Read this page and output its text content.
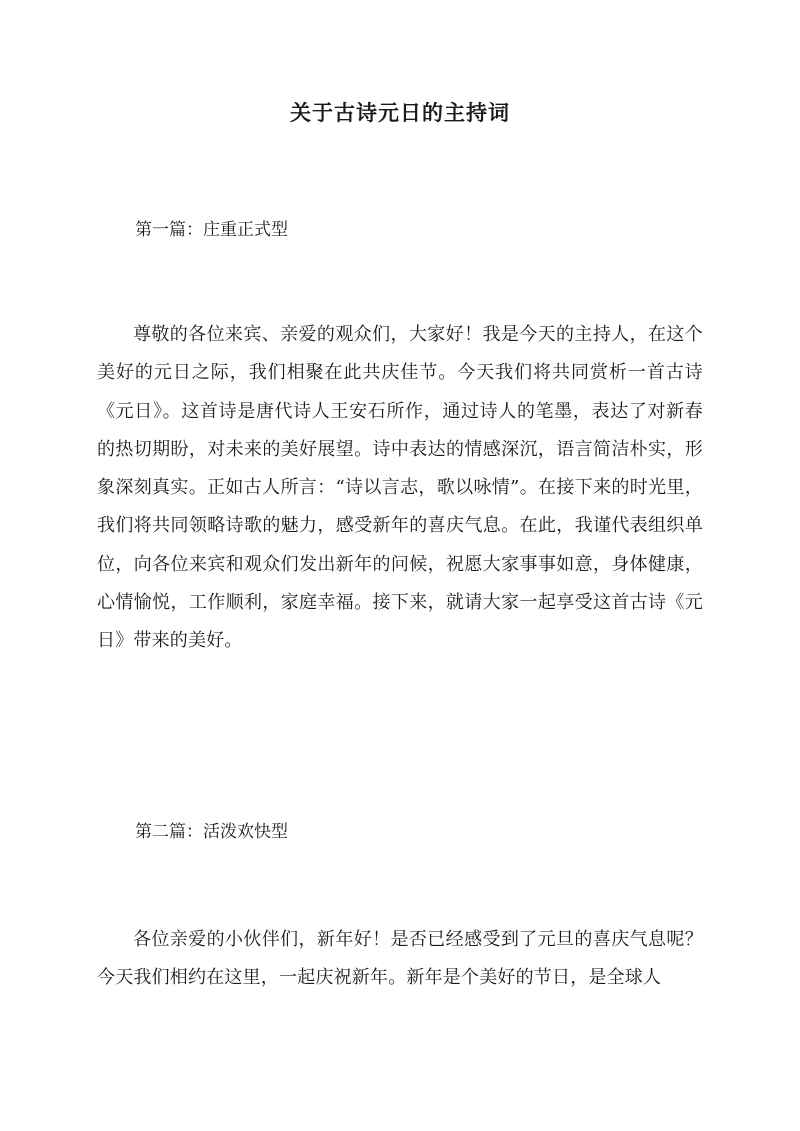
关于古诗元日的主持词
第一篇：庄重正式型

尊敬的各位来宾、亲爱的观众们，大家好！我是今天的主持人，在这个美好的元日之际，我们相聚在此共庆佳节。今天我们将共同赏析一首古诗《元日》。这首诗是唐代诗人王安石所作，通过诗人的笔墨，表达了对新春的热切期盼，对未来的美好展望。诗中表达的情感深沉，语言简洁朴实，形象深刻真实。正如古人所言：“诗以言志，歌以咏情”。在接下来的时光里，我们将共同领略诗歌的魅力，感受新年的喜庆气息。在此，我谨代表组织单位，向各位来宾和观众们发出新年的问候，祝愿大家事事如意，身体健康，心情愉悦，工作顺利，家庭幸福。接下来，就请大家一起享受这首古诗《元日》带来的美好。

第二篇：活泼欢快型

各位亲爱的小伙伴们，新年好！是否已经感受到了元旦的喜庆气息呢？今天我们相约在这里，一起庆祝新年。新年是个美好的节日，是全球人
